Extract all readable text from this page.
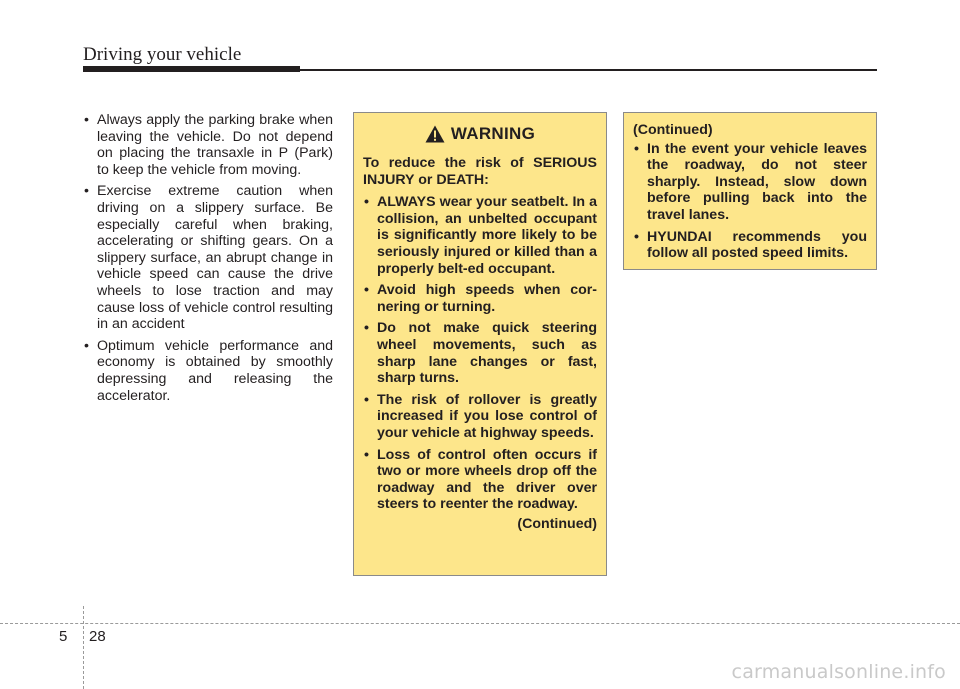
Driving your vehicle
• Always apply the parking brake when leaving the vehicle. Do not depend on placing the transaxle in P (Park) to keep the vehicle from moving.
• Exercise extreme caution when driving on a slippery surface. Be especially careful when braking, accelerating or shifting gears. On a slippery surface, an abrupt change in vehicle speed can cause the drive wheels to lose traction and may cause loss of vehicle control resulting in an accident
• Optimum vehicle performance and economy is obtained by smoothly depressing and releasing the accelerator.
WARNING
To reduce the risk of SERIOUS INJURY or DEATH:
• ALWAYS wear your seatbelt. In a collision, an unbelted occupant is significantly more likely to be seriously injured or killed than a properly belt-ed occupant.
• Avoid high speeds when cor-nering or turning.
• Do not make quick steering wheel movements, such as sharp lane changes or fast, sharp turns.
• The risk of rollover is greatly increased if you lose control of your vehicle at highway speeds.
• Loss of control often occurs if two or more wheels drop off the roadway and the driver over steers to reenter the roadway.
(Continued)
(Continued)
• In the event your vehicle leaves the roadway, do not steer sharply. Instead, slow down before pulling back into the travel lanes.
• HYUNDAI recommends you follow all posted speed limits.
5 28
carmanualsonline.info
